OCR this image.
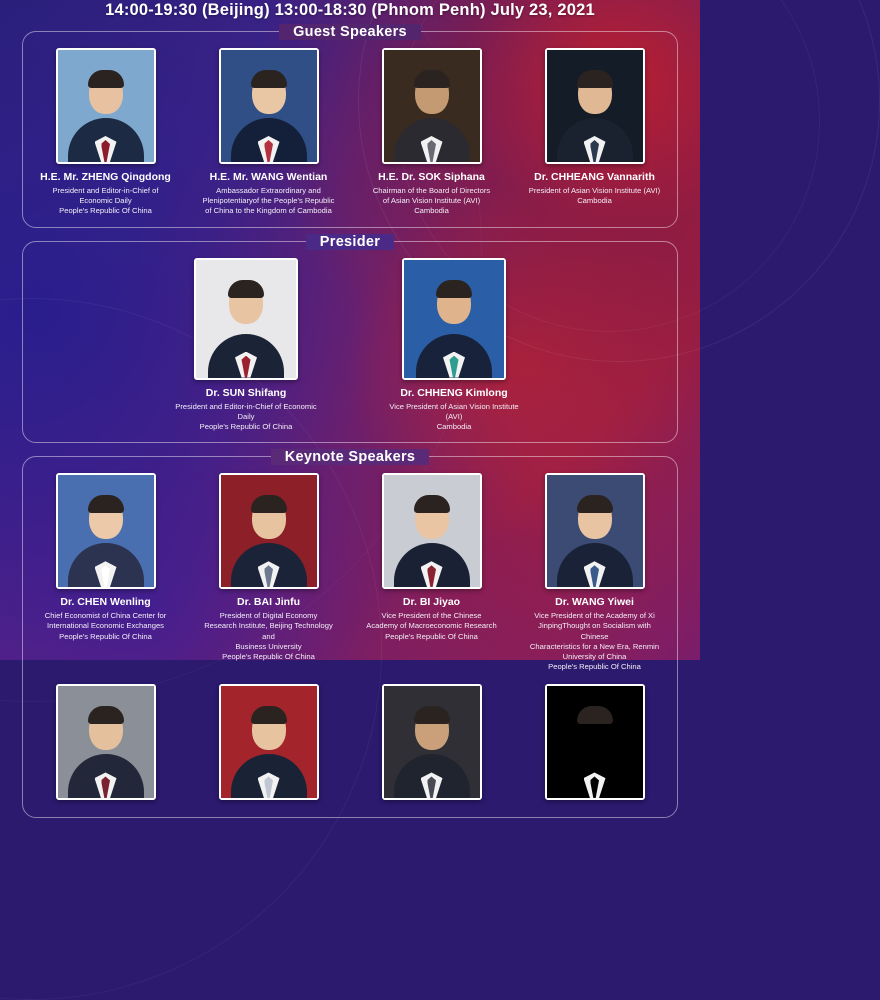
14:00-19:30 (Beijing) 13:00-18:30 (Phnom Penh) July 23, 2021
Guest Speakers
H.E. Mr. ZHENG Qingdong
President and Editor-in-Chief of Economic Daily
People's Republic Of China
H.E. Mr. WANG Wentian
Ambassador Extraordinary and
Plenipotentiaryof the People's Republic
of China to the Kingdom of Cambodia
H.E. Dr. SOK Siphana
Chairman of the Board of Directors
of Asian Vision Institute (AVI)
Cambodia
Dr. CHHEANG Vannarith
President of Asian Vision Institute (AVI)
Cambodia
Presider
Dr. SUN Shifang
President and Editor-in-Chief of Economic Daily
People's Republic Of China
Dr. CHHENG Kimlong
Vice President of Asian Vision Institute (AVI)
Cambodia
Keynote Speakers
Dr. CHEN Wenling
Chief Economist of China Center for
International Economic Exchanges
People's Republic Of China
Dr. BAI Jinfu
President of Digital Economy
Research Institute, Beijing Technology and
Business University
People's Republic Of China
Dr. BI Jiyao
Vice President of the Chinese
Academy of Macroeconomic Research
People's Republic Of China
Dr. WANG Yiwei
Vice President of the Academy of Xi
JinpingThought on Socialism with Chinese
Characteristics for a New Era, Renmin
University of China
People's Republic Of China
